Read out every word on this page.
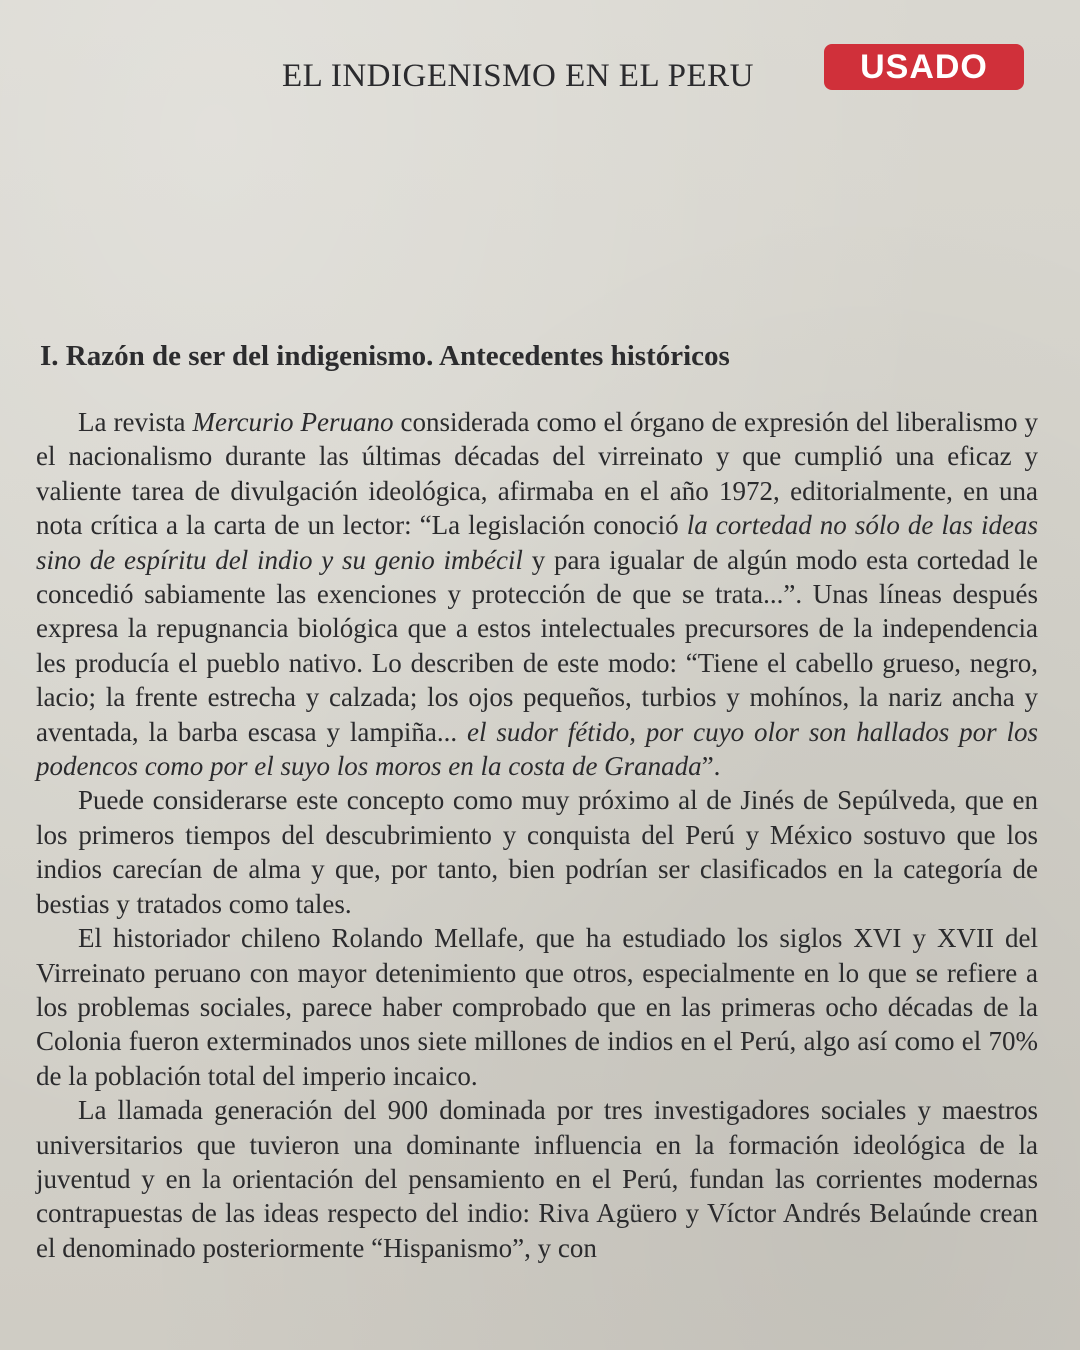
EL INDIGENISMO EN EL PERU	USADO
I. Razón de ser del indigenismo. Antecedentes históricos

La revista Mercurio Peruano considerada como el órgano de expresión del liberalismo y el nacionalismo durante las últimas décadas del virreinato y que cumplió una eficaz y valiente tarea de divulgación ideológica, afirmaba en el año 1972, editorialmente, en una nota crítica a la carta de un lector: “La legislación conoció la cortedad no sólo de las ideas sino de espíritu del indio y su genio imbécil y para igualar de algún modo esta cortedad le concedió sabiamente las exenciones y protección de que se trata...”. Unas líneas después expresa la repugnancia biológica que a estos intelectuales precursores de la independencia les producía el pueblo nativo. Lo describen de este modo: “Tiene el cabello grueso, negro, lacio; la frente estrecha y calzada; los ojos pequeños, turbios y mohínos, la nariz ancha y aventada, la barba escasa y lampiña... el sudor fétido, por cuyo olor son hallados por los podencos como por el suyo los moros en la costa de Granada”.

Puede considerarse este concepto como muy próximo al de Jinés de Sepúlveda, que en los primeros tiempos del descubrimiento y conquista del Perú y México sostuvo que los indios carecían de alma y que, por tanto, bien podrían ser clasificados en la categoría de bestias y tratados como tales.

El historiador chileno Rolando Mellafe, que ha estudiado los siglos XVI y XVII del Virreinato peruano con mayor detenimiento que otros, especialmente en lo que se refiere a los problemas sociales, parece haber comprobado que en las primeras ocho décadas de la Colonia fueron exterminados unos siete millones de indios en el Perú, algo así como el 70% de la población total del imperio incaico.

La llamada generación del 900 dominada por tres investigadores sociales y maestros universitarios que tuvieron una dominante influencia en la formación ideológica de la juventud y en la orientación del pensamiento en el Perú, fundan las corrientes modernas contrapuestas de las ideas respecto del indio: Riva Agüero y Víctor Andrés Belaúnde crean el denominado posteriormente “Hispanismo”, y con
